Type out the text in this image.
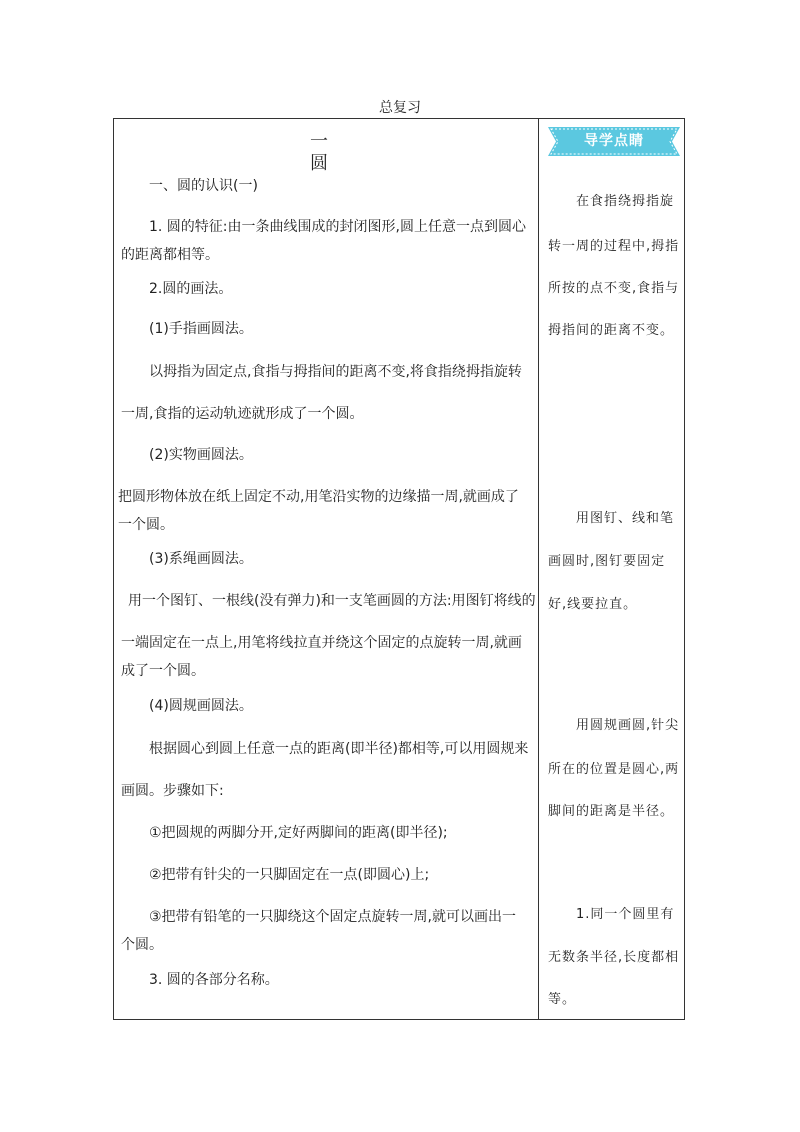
总复习
一　圆
一、圆的认识(一)
1. 圆的特征:由一条曲线围成的封闭图形,圆上任意一点到圆心
的距离都相等。
2.圆的画法。
(1)手指画圆法。
以拇指为固定点,食指与拇指间的距离不变,将食指绕拇指旋转
一周,食指的运动轨迹就形成了一个圆。
(2)实物画圆法。
把圆形物体放在纸上固定不动,用笔沿实物的边缘描一周,就画成了
一个圆。
(3)系绳画圆法。
用一个图钉、一根线(没有弹力)和一支笔画圆的方法:用图钉将线的
一端固定在一点上,用笔将线拉直并绕这个固定的点旋转一周,就画
成了一个圆。
(4)圆规画圆法。
根据圆心到圆上任意一点的距离(即半径)都相等,可以用圆规来
画圆。步骤如下:
①把圆规的两脚分开,定好两脚间的距离(即半径);
②把带有针尖的一只脚固定在一点(即圆心)上;
③把带有铅笔的一只脚绕这个固定点旋转一周,就可以画出一
个圆。
3. 圆的各部分名称。
导学点睛
在食指绕拇指旋
转一周的过程中,拇指
所按的点不变,食指与
拇指间的距离不变。
用图钉、线和笔
画圆时,图钉要固定
好,线要拉直。
用圆规画圆,针尖
所在的位置是圆心,两
脚间的距离是半径。
1.同一个圆里有
无数条半径,长度都相
等。
